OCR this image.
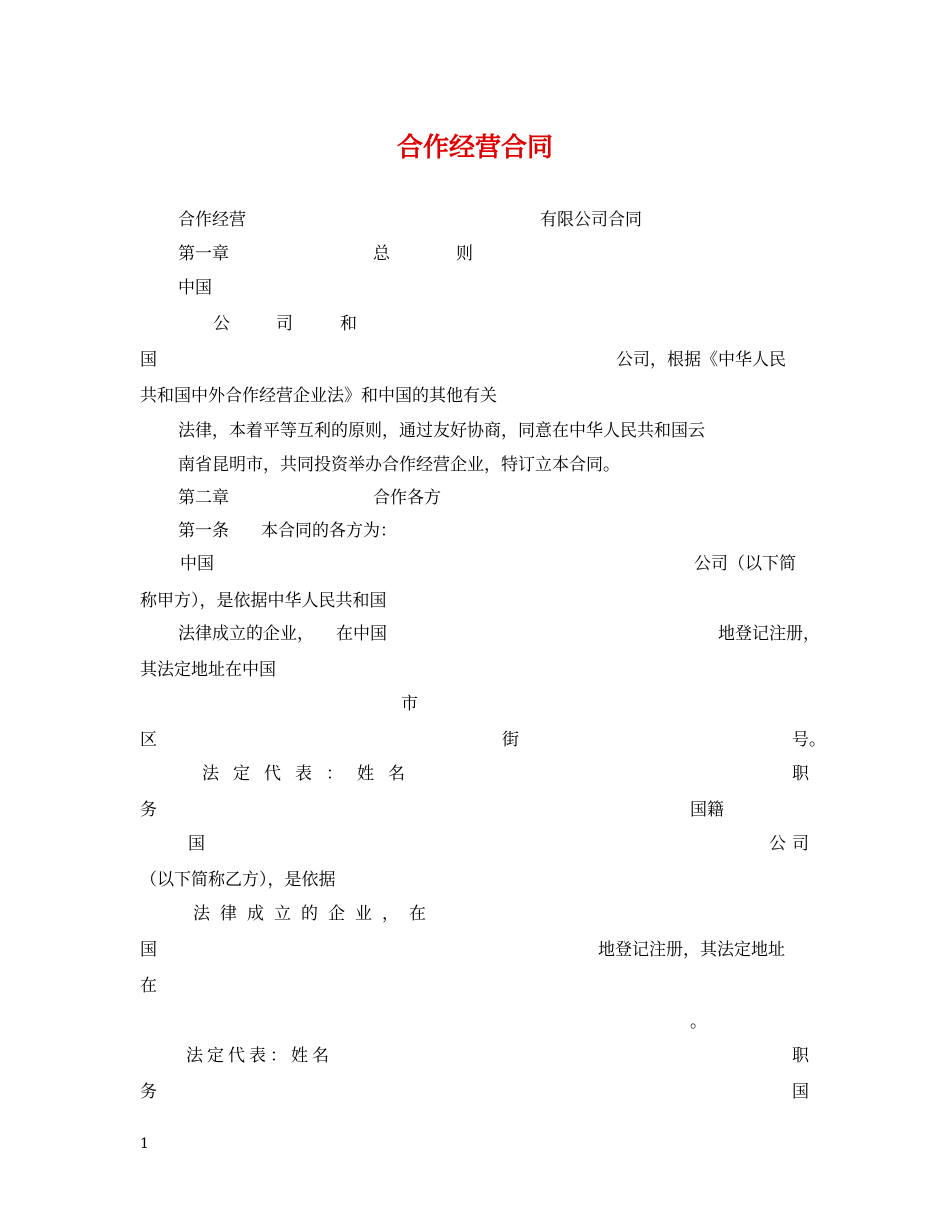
合作经营合同
合作经营	有限公司合同
第一章	总	则
中国
公	司	和
国	公司，根据《中华人民
共和国中外合作经营企业法》和中国的其他有关
法律，本着平等互利的原则，通过友好协商，同意在中华人民共和国云
南省昆明市，共同投资举办合作经营企业，特订立本合同。
第二章	合作各方
第一条 本合同的各方为：
中国	公司（以下简
称甲方），是依据中华人民共和国
法律成立的企业， 在中国	地登记注册，
其法定地址在中国
市
区	街	号。
法定代表：姓名	职
务	国籍
国	公司
（以下简称乙方），是依据
法律成立的企业，在
国	地登记注册，其法定地址
在
。
法定代表：姓名	职
务	国
1
